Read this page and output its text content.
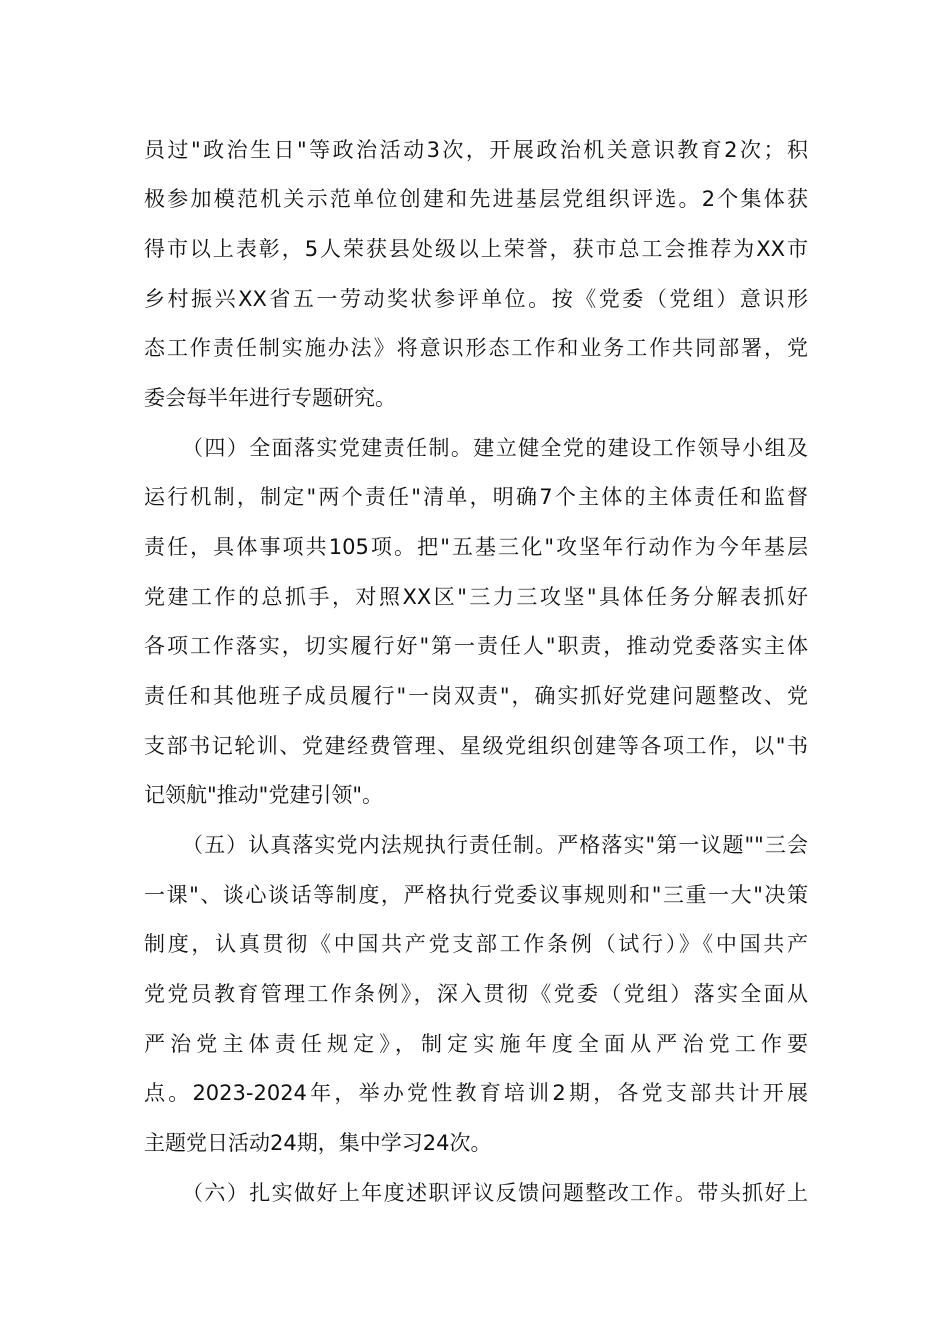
员过"政治生日"等政治活动3次，开展政治机关意识教育2次；积
极参加模范机关示范单位创建和先进基层党组织评选。2个集体获
得市以上表彰，5人荣获县处级以上荣誉，获市总工会推荐为XX市
乡村振兴XX省五一劳动奖状参评单位。按《党委（党组）意识形
态工作责任制实施办法》将意识形态工作和业务工作共同部署，党
委会每半年进行专题研究。
（四）全面落实党建责任制。建立健全党的建设工作领导小组及
运行机制，制定"两个责任"清单，明确7个主体的主体责任和监督
责任，具体事项共105项。把"五基三化"攻坚年行动作为今年基层
党建工作的总抓手，对照XX区"三力三攻坚"具体任务分解表抓好
各项工作落实，切实履行好"第一责任人"职责，推动党委落实主体
责任和其他班子成员履行"一岗双责"，确实抓好党建问题整改、党
支部书记轮训、党建经费管理、星级党组织创建等各项工作，以"书
记领航"推动"党建引领"。
（五）认真落实党内法规执行责任制。严格落实"第一议题""三会
一课"、谈心谈话等制度，严格执行党委议事规则和"三重一大"决策
制度，认真贯彻《中国共产党支部工作条例（试行）》《中国共产
党党员教育管理工作条例》，深入贯彻《党委（党组）落实全面从
严治党主体责任规定》，制定实施年度全面从严治党工作要
点。2023-2024年，举办党性教育培训2期，各党支部共计开展
主题党日活动24期，集中学习24次。
（六）扎实做好上年度述职评议反馈问题整改工作。带头抓好上
